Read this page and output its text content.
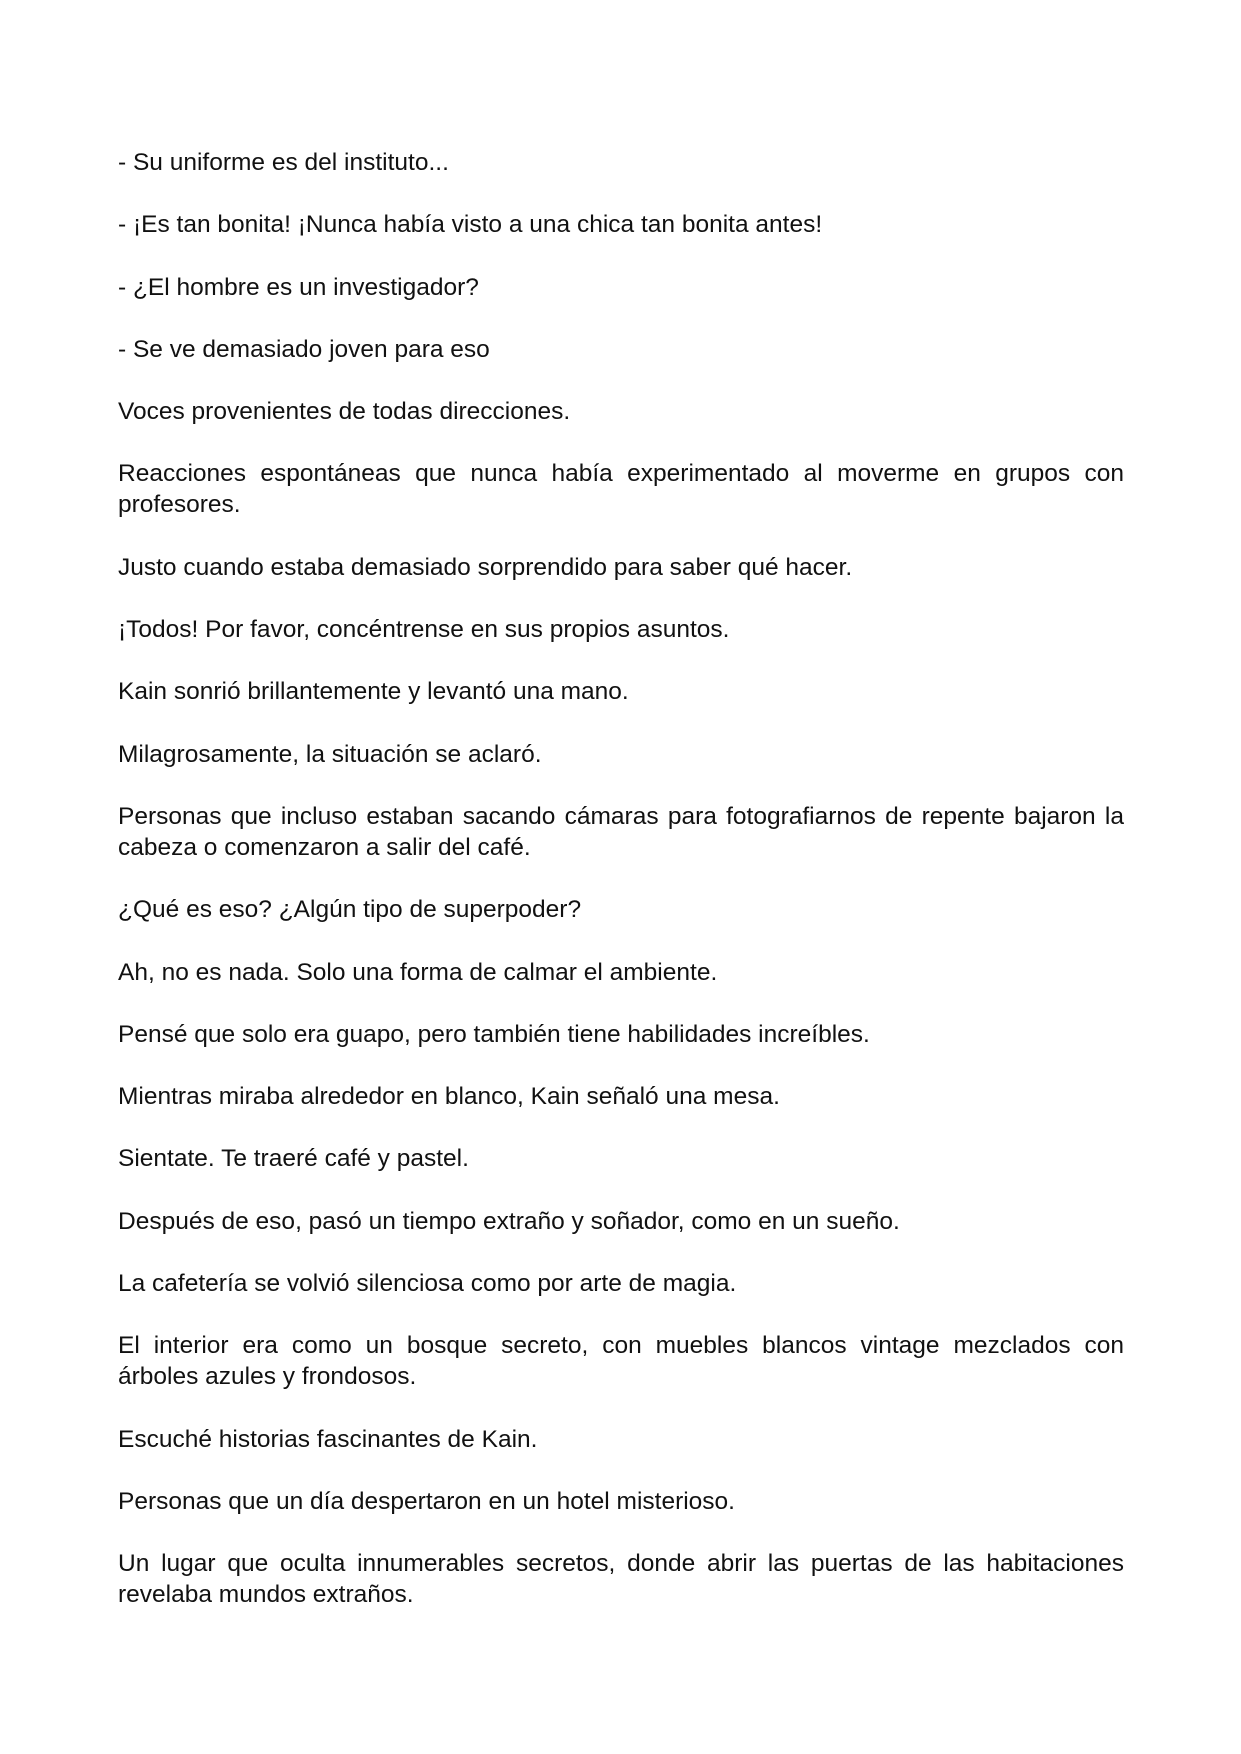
- Su uniforme es del instituto...

- ¡Es tan bonita! ¡Nunca había visto a una chica tan bonita antes!

- ¿El hombre es un investigador?

- Se ve demasiado joven para eso

Voces provenientes de todas direcciones.

Reacciones espontáneas que nunca había experimentado al moverme en grupos con profesores.

Justo cuando estaba demasiado sorprendido para saber qué hacer.

¡Todos! Por favor, concéntrense en sus propios asuntos.

Kain sonrió brillantemente y levantó una mano.

Milagrosamente, la situación se aclaró.

Personas que incluso estaban sacando cámaras para fotografiarnos de repente bajaron la cabeza o comenzaron a salir del café.

¿Qué es eso? ¿Algún tipo de superpoder?

Ah, no es nada. Solo una forma de calmar el ambiente.

Pensé que solo era guapo, pero también tiene habilidades increíbles.

Mientras miraba alrededor en blanco, Kain señaló una mesa.

Sientate. Te traeré café y pastel.

Después de eso, pasó un tiempo extraño y soñador, como en un sueño.

La cafetería se volvió silenciosa como por arte de magia.

El interior era como un bosque secreto, con muebles blancos vintage mezclados con árboles azules y frondosos.

Escuché historias fascinantes de Kain.

Personas que un día despertaron en un hotel misterioso.

Un lugar que oculta innumerables secretos, donde abrir las puertas de las habitaciones revelaba mundos extraños.
